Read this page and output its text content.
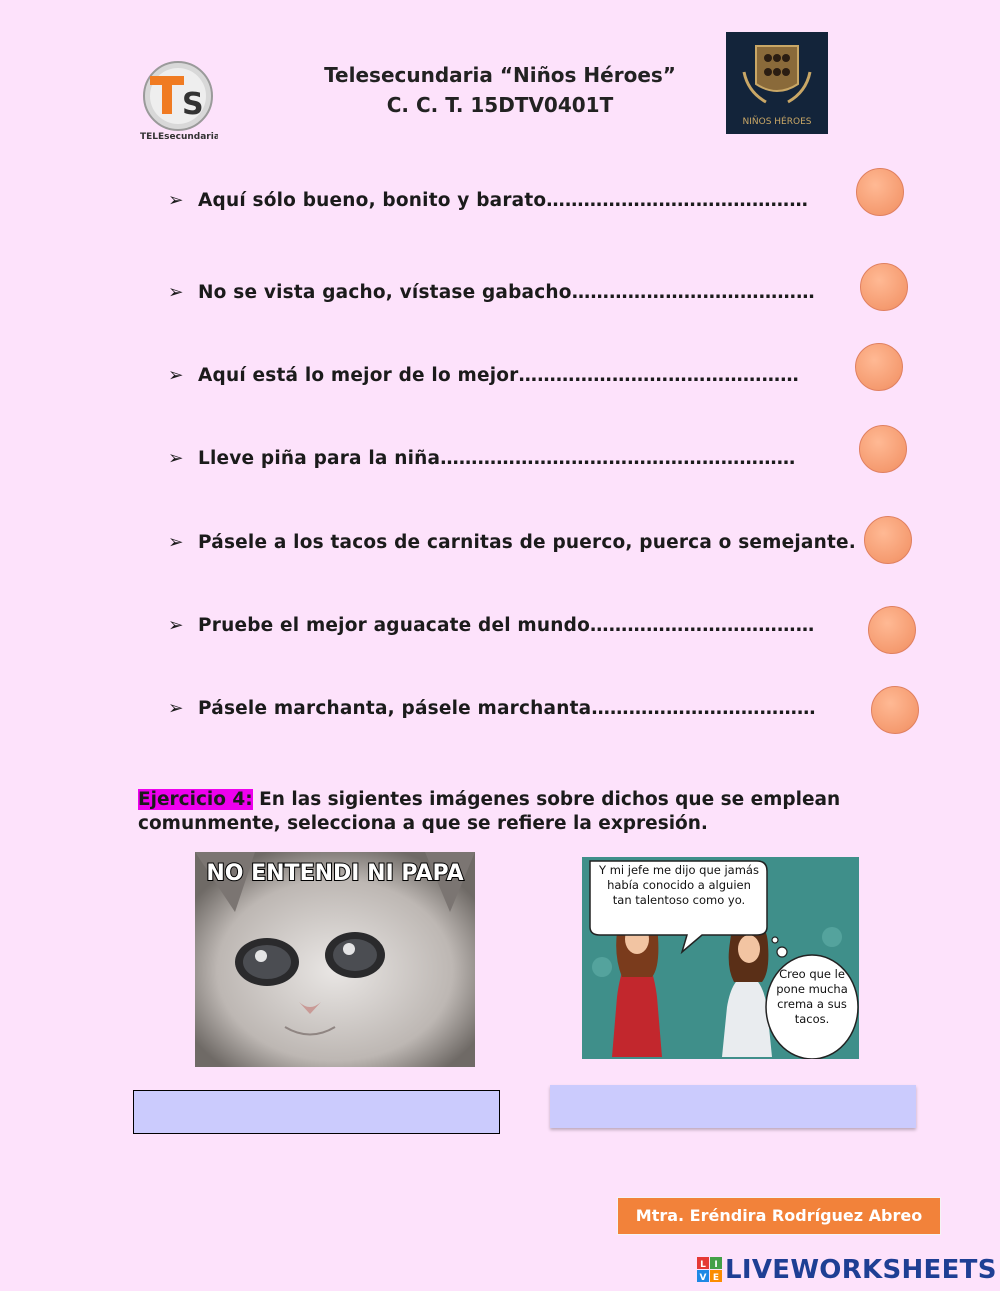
S
TELEsecundaria
Telesecundaria “Niños Héroes”
C. C. T. 15DTV0401T
NIÑOS HÉROES
➢ Aquí sólo bueno, bonito y barato……………………………………
➢ No se vista gacho, vístase gabacho…………………………………
➢ Aquí está lo mejor de lo mejor………………………………………
➢ Lleve piña para la niña…………………………………………………
➢ Pásele a los tacos de carnitas de puerco, puerca o semejante.
➢ Pruebe el mejor aguacate del mundo………………………………
➢ Pásele marchanta, pásele marchanta………………………………
Ejercicio 4: En las sigientes imágenes sobre dichos que se emplean comunmente, selecciona a que se refiere la expresión.
NO ENTENDI NI PAPA	Y mi jefe me dijo que jamás había conocido a alguien tan talentoso como yo.
Creo que le pone mucha crema a sus tacos.
Mtra. Eréndira Rodríguez Abreo
L I
V E LIVEWORKSHEETS
